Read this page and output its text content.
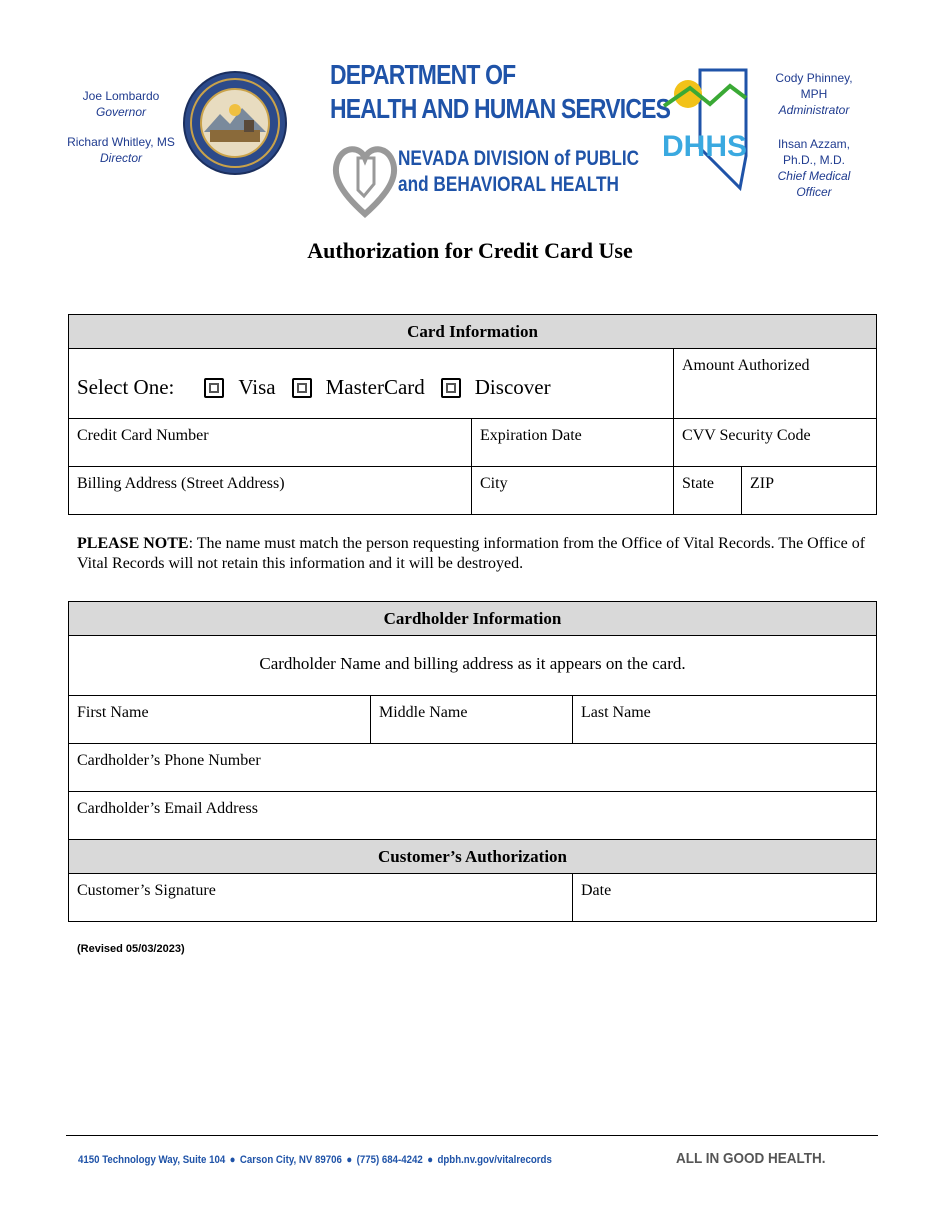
Joe Lombardo
Governor
Richard Whitley, MS
Director
DEPARTMENT OF
HEALTH AND HUMAN SERVICES
NEVADA DIVISION of PUBLIC
and BEHAVIORAL HEALTH
DHHS
Cody Phinney, MPH
Administrator
Ihsan Azzam, Ph.D., M.D.
Chief Medical Officer
Authorization for Credit Card Use
Card Information			

Select One: Visa MasterCard Discover		Amount Authorized	
Credit Card Number	Expiration Date	CVV Security Code	
Billing Address (Street Address)	City	State	ZIP
PLEASE NOTE: The name must match the person requesting information from the Office of Vital Records. The Office of Vital Records will not retain this information and it will be destroyed.
Cardholder Information		
Cardholder Name and billing address as it appears on the card.		
First Name	Middle Name	Last Name
Cardholder’s Phone Number		
Cardholder’s Email Address		
Customer’s Authorization		
Customer’s Signature		Date
(Revised 05/03/2023)
4150 Technology Way, Suite 104 ● Carson City, NV 89706 ● (775) 684-4242 ● dpbh.nv.gov/vitalrecords	ALL IN GOOD HEALTH.
